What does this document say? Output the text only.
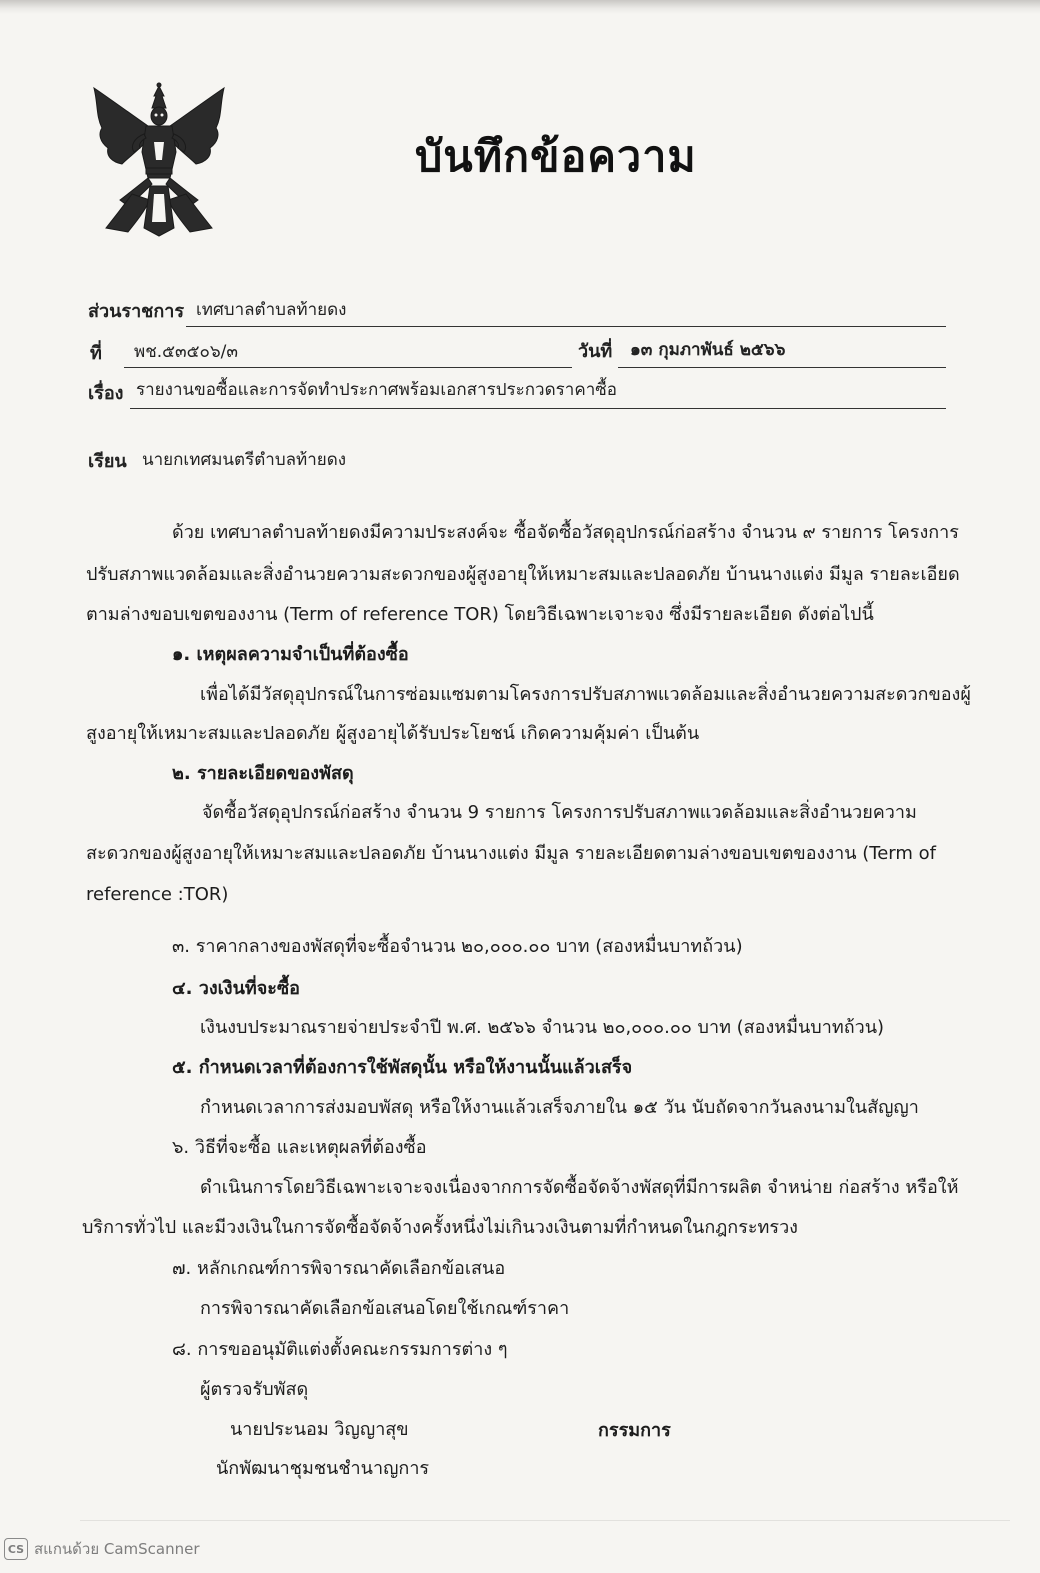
บันทึกข้อความ
ส่วนราชการ เทศบาลตำบลท้ายดง
ที่ พช.๕๓๕๐๖/๓	วันที่ ๑๓ กุมภาพันธ์ ๒๕๖๖
เรื่อง รายงานขอซื้อและการจัดทำประกาศพร้อมเอกสารประกวดราคาซื้อ
เรียน นายกเทศมนตรีตำบลท้ายดง
ด้วย เทศบาลตำบลท้ายดงมีความประสงค์จะ ซื้อจัดซื้อวัสดุอุปกรณ์ก่อสร้าง จำนวน ๙ รายการ โครงการ
ปรับสภาพแวดล้อมและสิ่งอำนวยความสะดวกของผู้สูงอายุให้เหมาะสมและปลอดภัย บ้านนางแต่ง มีมูล รายละเอียด
ตามล่างขอบเขตของงาน (Term of reference TOR) โดยวิธีเฉพาะเจาะจง ซึ่งมีรายละเอียด ดังต่อไปนี้
๑. เหตุผลความจำเป็นที่ต้องซื้อ
เพื่อได้มีวัสดุอุปกรณ์ในการซ่อมแซมตามโครงการปรับสภาพแวดล้อมและสิ่งอำนวยความสะดวกของผู้
สูงอายุให้เหมาะสมและปลอดภัย ผู้สูงอายุได้รับประโยชน์ เกิดความคุ้มค่า เป็นต้น
๒. รายละเอียดของพัสดุ
จัดซื้อวัสดุอุปกรณ์ก่อสร้าง จำนวน 9 รายการ โครงการปรับสภาพแวดล้อมและสิ่งอำนวยความ
สะดวกของผู้สูงอายุให้เหมาะสมและปลอดภัย บ้านนางแต่ง มีมูล รายละเอียดตามล่างขอบเขตของงาน (Term of
reference :TOR)
๓. ราคากลางของพัสดุที่จะซื้อจำนวน ๒๐,๐๐๐.๐๐ บาท (สองหมื่นบาทถ้วน)
๔. วงเงินที่จะซื้อ
เงินงบประมาณรายจ่ายประจำปี พ.ศ. ๒๕๖๖ จำนวน ๒๐,๐๐๐.๐๐ บาท (สองหมื่นบาทถ้วน)
๕. กำหนดเวลาที่ต้องการใช้พัสดุนั้น หรือให้งานนั้นแล้วเสร็จ
กำหนดเวลาการส่งมอบพัสดุ หรือให้งานแล้วเสร็จภายใน ๑๕ วัน นับถัดจากวันลงนามในสัญญา
๖. วิธีที่จะซื้อ และเหตุผลที่ต้องซื้อ
ดำเนินการโดยวิธีเฉพาะเจาะจงเนื่องจากการจัดซื้อจัดจ้างพัสดุที่มีการผลิต จำหน่าย ก่อสร้าง หรือให้
บริการทั่วไป และมีวงเงินในการจัดซื้อจัดจ้างครั้งหนึ่งไม่เกินวงเงินตามที่กำหนดในกฎกระทรวง
๗. หลักเกณฑ์การพิจารณาคัดเลือกข้อเสนอ
การพิจารณาคัดเลือกข้อเสนอโดยใช้เกณฑ์ราคา
๘. การขออนุมัติแต่งตั้งคณะกรรมการต่าง ๆ
ผู้ตรวจรับพัสดุ
นายประนอม วิญญาสุข	กรรมการ
นักพัฒนาชุมชนชำนาญการ
CS สแกนด้วย CamScanner
